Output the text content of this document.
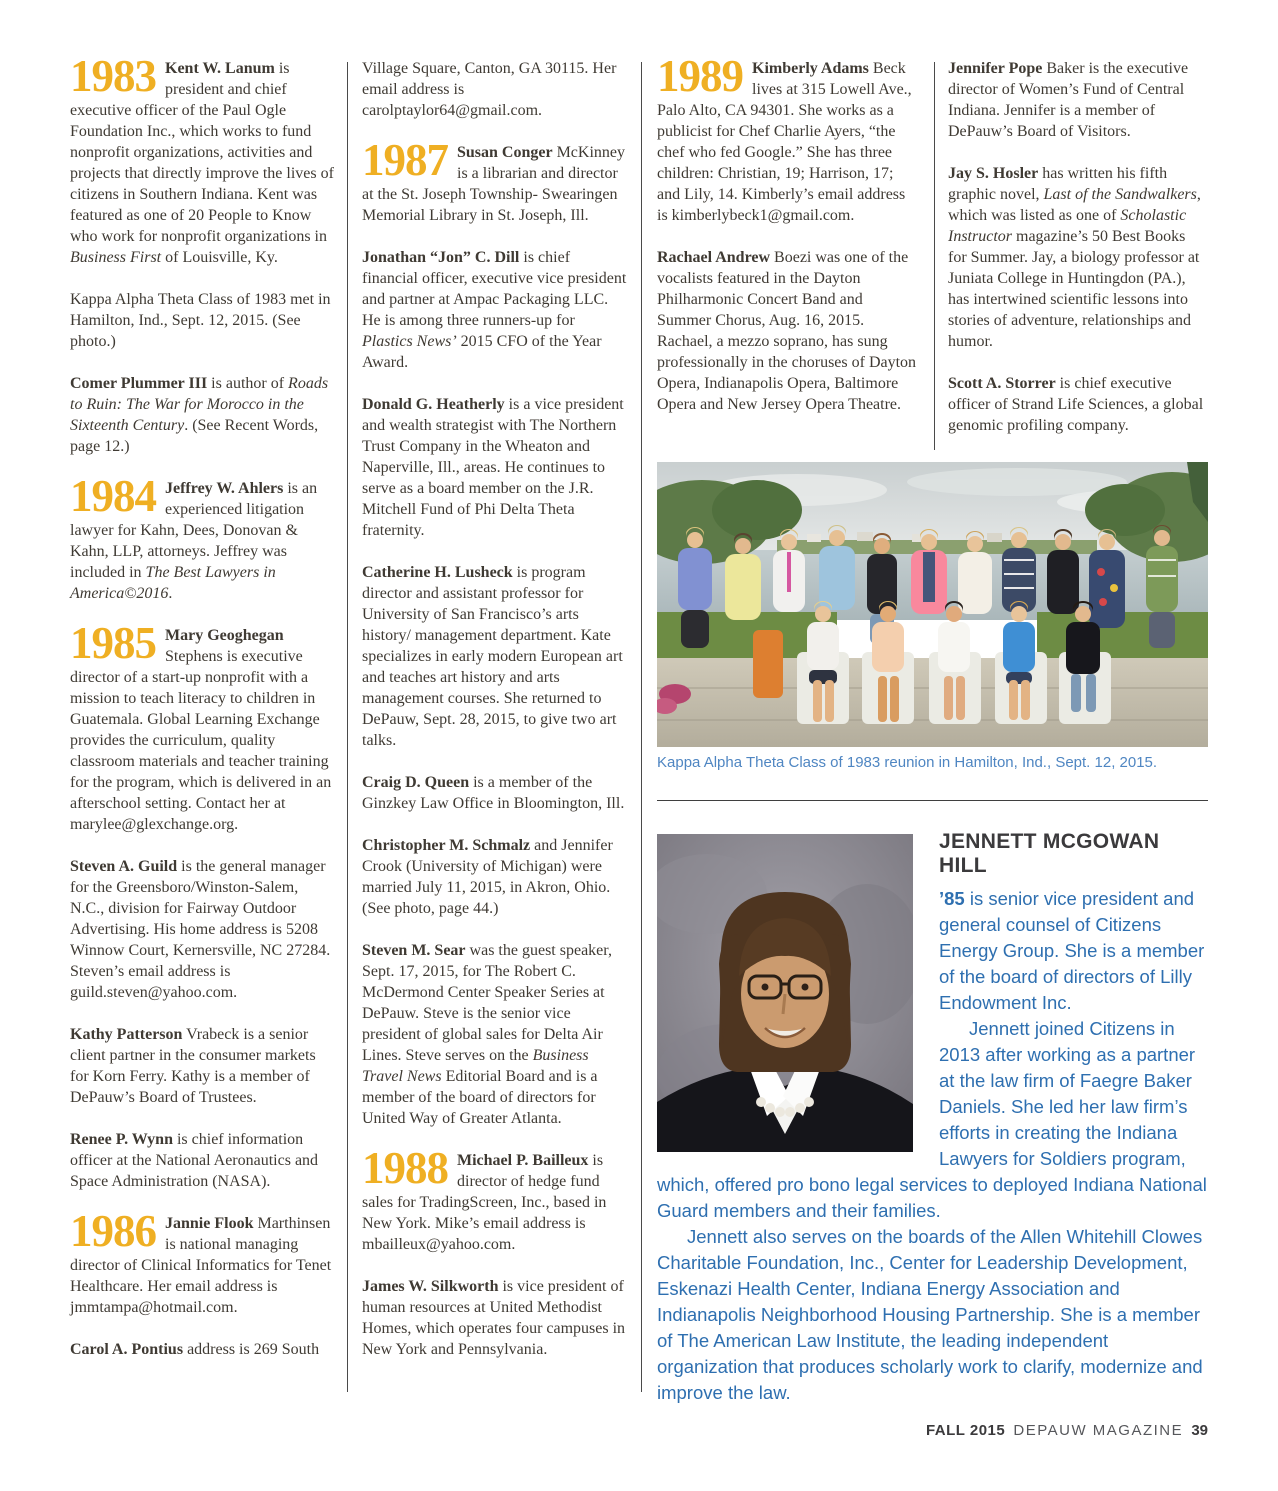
1983 Kent W. Lanum is president and chief executive officer of the Paul Ogle Foundation Inc., which works to fund nonprofit organizations, activities and projects that directly improve the lives of citizens in Southern Indiana. Kent was featured as one of 20 People to Know who work for nonprofit organizations in Business First of Louisville, Ky.

Kappa Alpha Theta Class of 1983 met in Hamilton, Ind., Sept. 12, 2015. (See photo.)

Comer Plummer III is author of Roads to Ruin: The War for Morocco in the Sixteenth Century. (See Recent Words, page 12.)

1984 Jeffrey W. Ahlers is an experienced litigation lawyer for Kahn, Dees, Donovan & Kahn, LLP, attorneys. Jeffrey was included in The Best Lawyers in America©2016.

1985 Mary Geoghegan Stephens is executive director of a start-up nonprofit with a mission to teach literacy to children in Guatemala. Global Learning Exchange provides the curriculum, quality classroom materials and teacher training for the program, which is delivered in an afterschool setting. Contact her at marylee@glexchange.org.

Steven A. Guild is the general manager for the Greensboro/Winston-Salem, N.C., division for Fairway Outdoor Advertising. His home address is 5208 Winnow Court, Kernersville, NC 27284. Steven’s email address is guild.steven@yahoo.com.

Kathy Patterson Vrabeck is a senior client partner in the consumer markets for Korn Ferry. Kathy is a member of DePauw’s Board of Trustees.

Renee P. Wynn is chief information officer at the National Aeronautics and Space Administration (NASA).

1986 Jannie Flook Marthinsen is national managing director of Clinical Informatics for Tenet Healthcare. Her email address is jmmtampa@hotmail.com.

Carol A. Pontius address is 269 South

Village Square, Canton, GA 30115. Her email address is carolptaylor64@gmail.com.

1987 Susan Conger McKinney is a librarian and director at the St. Joseph Township- Swearingen Memorial Library in St. Joseph, Ill.

Jonathan “Jon” C. Dill is chief financial officer, executive vice president and partner at Ampac Packaging LLC. He is among three runners-up for Plastics News’ 2015 CFO of the Year Award.

Donald G. Heatherly is a vice president and wealth strategist with The Northern Trust Company in the Wheaton and Naperville, Ill., areas. He continues to serve as a board member on the J.R. Mitchell Fund of Phi Delta Theta fraternity.

Catherine H. Lusheck is program director and assistant professor for University of San Francisco’s arts history/ management department. Kate specializes in early modern European art and teaches art history and arts management courses. She returned to DePauw, Sept. 28, 2015, to give two art talks.

Craig D. Queen is a member of the Ginzkey Law Office in Bloomington, Ill.

Christopher M. Schmalz and Jennifer Crook (University of Michigan) were married July 11, 2015, in Akron, Ohio. (See photo, page 44.)

Steven M. Sear was the guest speaker, Sept. 17, 2015, for The Robert C. McDermond Center Speaker Series at DePauw. Steve is the senior vice president of global sales for Delta Air Lines. Steve serves on the Business Travel News Editorial Board and is a member of the board of directors for United Way of Greater Atlanta.

1988 Michael P. Bailleux is director of hedge fund sales for TradingScreen, Inc., based in New York. Mike’s email address is mbailleux@yahoo.com.

James W. Silkworth is vice president of human resources at United Methodist Homes, which operates four campuses in New York and Pennsylvania.

1989 Kimberly Adams Beck lives at 315 Lowell Ave., Palo Alto, CA 94301. She works as a publicist for Chef Charlie Ayers, “the chef who fed Google.” She has three children: Christian, 19; Harrison, 17; and Lily, 14. Kimberly’s email address is kimberlybeck1@gmail.com.

Rachael Andrew Boezi was one of the vocalists featured in the Dayton Philharmonic Concert Band and Summer Chorus, Aug. 16, 2015. Rachael, a mezzo soprano, has sung professionally in the choruses of Dayton Opera, Indianapolis Opera, Baltimore Opera and New Jersey Opera Theatre.

Jennifer Pope Baker is the executive director of Women’s Fund of Central Indiana. Jennifer is a member of DePauw’s Board of Visitors.

Jay S. Hosler has written his fifth graphic novel, Last of the Sandwalkers, which was listed as one of Scholastic Instructor magazine’s 50 Best Books for Summer. Jay, a biology professor at Juniata College in Huntingdon (PA.), has intertwined scientific lessons into stories of adventure, relationships and humor.

Scott A. Storrer is chief executive officer of Strand Life Sciences, a global genomic profiling company.

Kappa Alpha Theta Class of 1983 reunion in Hamilton, Ind., Sept. 12, 2015.
JENNETT MCGOWAN HILL

’85 is senior vice president and general counsel of Citizens Energy Group. She is a member of the board of directors of Lilly Endowment Inc.

Jennett joined Citizens in 2013 after working as a partner at the law firm of Faegre Baker Daniels. She led her law firm’s efforts in creating the Indiana Lawyers for Soldiers program, which, offered pro bono legal services to deployed Indiana National Guard members and their families.

Jennett also serves on the boards of the Allen Whitehill Clowes Charitable Foundation, Inc., Center for Leadership Development, Eskenazi Health Center, Indiana Energy Association and Indianapolis Neighborhood Housing Partnership. She is a member of The American Law Institute, the leading independent organization that produces scholarly work to clarify, modernize and improve the law.

FALL 2015 DEPAUW MAGAZINE 39
